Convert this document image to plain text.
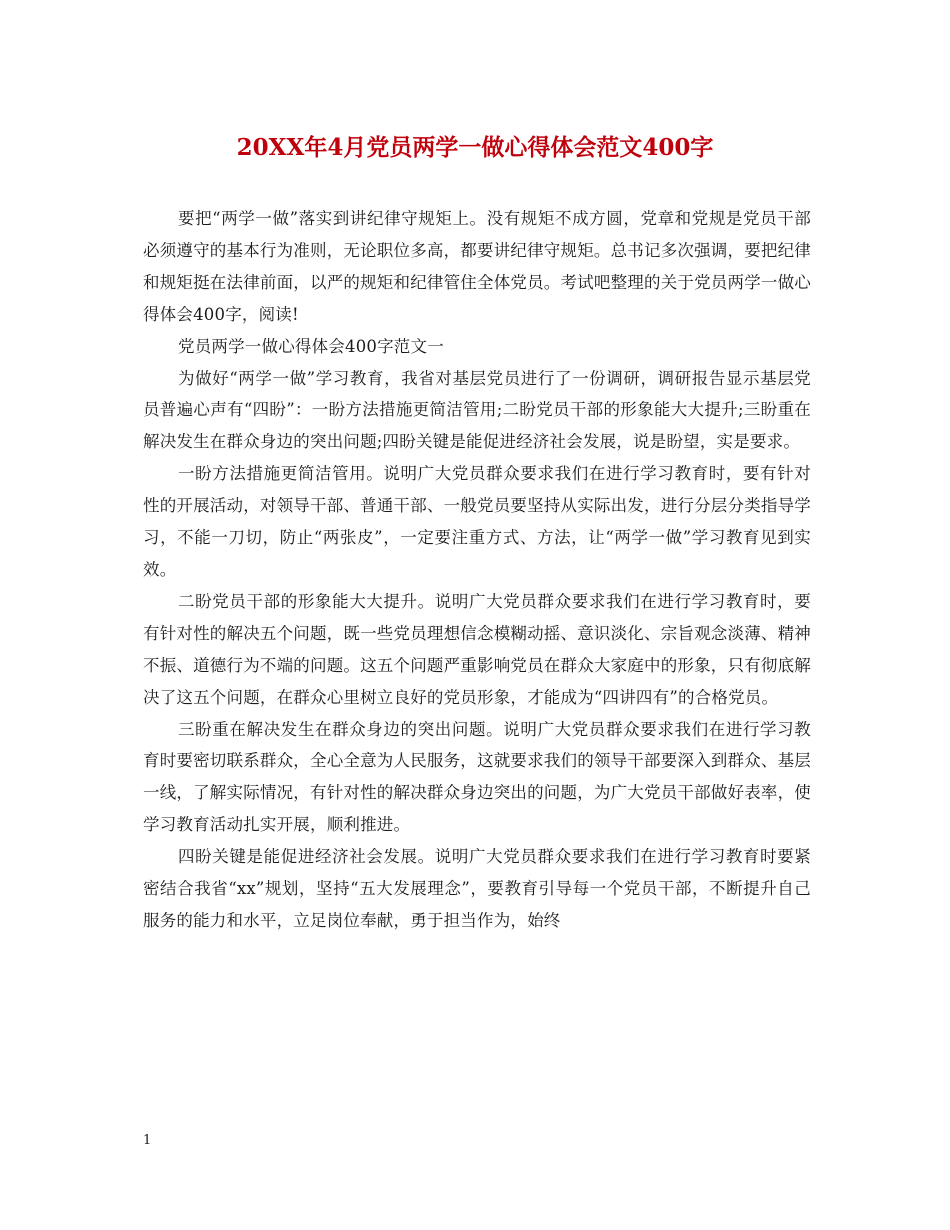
20XX年4月党员两学一做心得体会范文400字

要把“两学一做”落实到讲纪律守规矩上。没有规矩不成方圆，党章和党规是党员干部必须遵守的基本行为准则，无论职位多高，都要讲纪律守规矩。总书记多次强调，要把纪律和规矩挺在法律前面，以严的规矩和纪律管住全体党员。考试吧整理的关于党员两学一做心得体会400字，阅读!

党员两学一做心得体会400字范文一

为做好“两学一做”学习教育，我省对基层党员进行了一份调研，调研报告显示基层党员普遍心声有“四盼”：一盼方法措施更简洁管用;二盼党员干部的形象能大大提升;三盼重在解决发生在群众身边的突出问题;四盼关键是能促进经济社会发展，说是盼望，实是要求。

一盼方法措施更简洁管用。说明广大党员群众要求我们在进行学习教育时，要有针对性的开展活动，对领导干部、普通干部、一般党员要坚持从实际出发，进行分层分类指导学习，不能一刀切，防止“两张皮”，一定要注重方式、方法，让“两学一做”学习教育见到实效。

二盼党员干部的形象能大大提升。说明广大党员群众要求我们在进行学习教育时，要有针对性的解决五个问题，既一些党员理想信念模糊动摇、意识淡化、宗旨观念淡薄、精神不振、道德行为不端的问题。这五个问题严重影响党员在群众大家庭中的形象，只有彻底解决了这五个问题，在群众心里树立良好的党员形象，才能成为“四讲四有”的合格党员。

三盼重在解决发生在群众身边的突出问题。说明广大党员群众要求我们在进行学习教育时要密切联系群众，全心全意为人民服务，这就要求我们的领导干部要深入到群众、基层一线，了解实际情况，有针对性的解决群众身边突出的问题，为广大党员干部做好表率，使学习教育活动扎实开展，顺利推进。

四盼关键是能促进经济社会发展。说明广大党员群众要求我们在进行学习教育时要紧密结合我省“xx”规划，坚持“五大发展理念”，要教育引导每一个党员干部，不断提升自己服务的能力和水平，立足岗位奉献，勇于担当作为，始终

1
